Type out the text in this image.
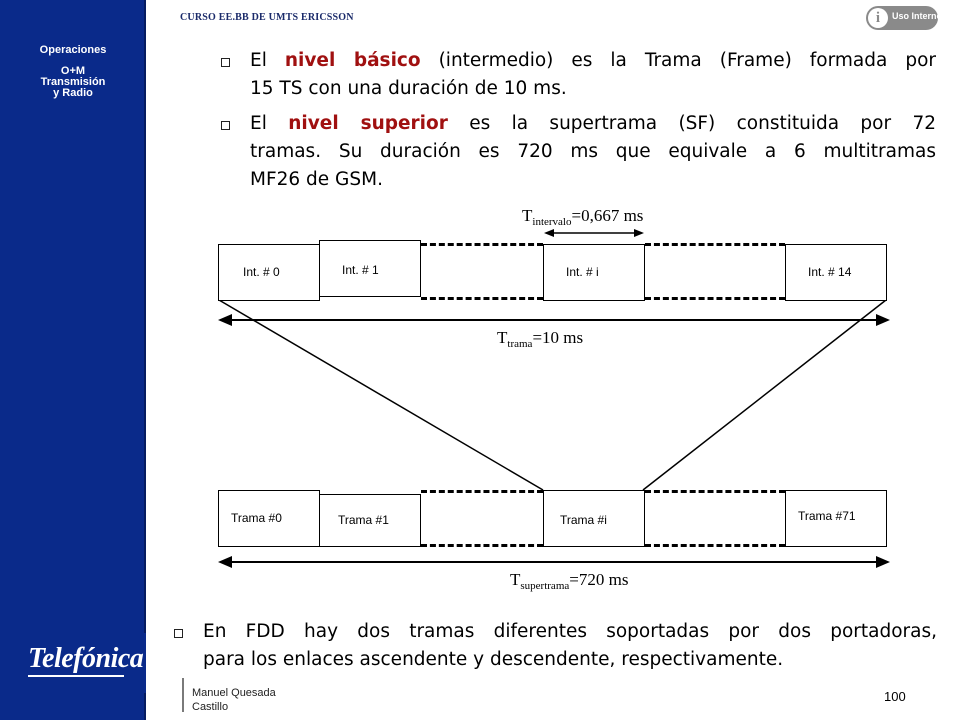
Operaciones
O+M
Transmisión
y Radio
Telefónica
CURSO EE.BB DE UMTS ERICSSON	i	Uso Interno
El nivel básico (intermedio) es la Trama (Frame) formada por
15 TS con una duración de 10 ms.
El nivel superior es la supertrama (SF) constituida por 72
tramas. Su duración es 720 ms que equivale a 6 multitramas
MF26 de GSM.
$T_{intervalo}=0,667$ ms
Int. # 0	Int. # 1	Int. # i	Int. # 14
$T_{trama}=10$ ms
Trama #0	Trama #1	Trama #i	Trama #71
$T_{supertrama}=720$ ms
En FDD hay dos tramas diferentes soportadas por dos portadoras,
para los enlaces ascendente y descendente, respectivamente.
Manuel Quesada
Castillo
100
